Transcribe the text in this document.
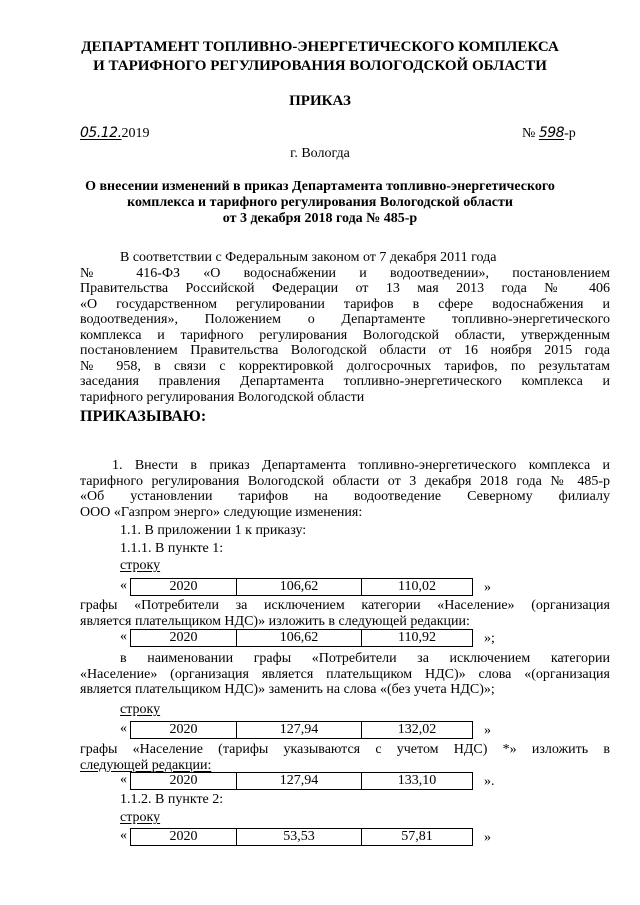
ДЕПАРТАМЕНТ ТОПЛИВНО-ЭНЕРГЕТИЧЕСКОГО КОМПЛЕКСА
И ТАРИФНОГО РЕГУЛИРОВАНИЯ ВОЛОГОДСКОЙ ОБЛАСТИ
ПРИКАЗ
05.12.2019	№ 598-р
г. Вологда
О внесении изменений в приказ Департамента топливно-энергетического
комплекса и тарифного регулирования Вологодской области
от 3 декабря 2018 года № 485-р
В соответствии с Федеральным законом от 7 декабря 2011 года
№ 416-ФЗ «О водоснабжении и водоотведении», постановлением
Правительства Российской Федерации от 13 мая 2013 года № 406
«О государственном регулировании тарифов в сфере водоснабжения и
водоотведения», Положением о Департаменте топливно-энергетического
комплекса и тарифного регулирования Вологодской области, утвержденным
постановлением Правительства Вологодской области от 16 ноября 2015 года
№ 958, в связи с корректировкой долгосрочных тарифов, по результатам
заседания правления Департамента топливно-энергетического комплекса и
тарифного регулирования Вологодской области
ПРИКАЗЫВАЮ:
1. Внести в приказ Департамента топливно-энергетического комплекса и
тарифного регулирования Вологодской области от 3 декабря 2018 года № 485-р
«Об установлении тарифов на водоотведение Северному филиалу
ООО «Газпром энерго» следующие изменения:
1.1. В приложении 1 к приказу:
1.1.1. В пункте 1:
строку
«	2020	106,62	110,02	»
графы «Потребители за исключением категории «Население» (организация
является плательщиком НДС)» изложить в следующей редакции:
«	2020	106,62	110,92	»;
в наименовании графы «Потребители за исключением категории
«Население» (организация является плательщиком НДС)» слова «(организация
является плательщиком НДС)» заменить на слова «(без учета НДС)»;
строку
«	2020	127,94	132,02	»
графы «Население (тарифы указываются с учетом НДС) *» изложить в
следующей редакции:
«	2020	127,94	133,10	».
1.1.2. В пункте 2:
строку
«	2020	53,53	57,81	»
